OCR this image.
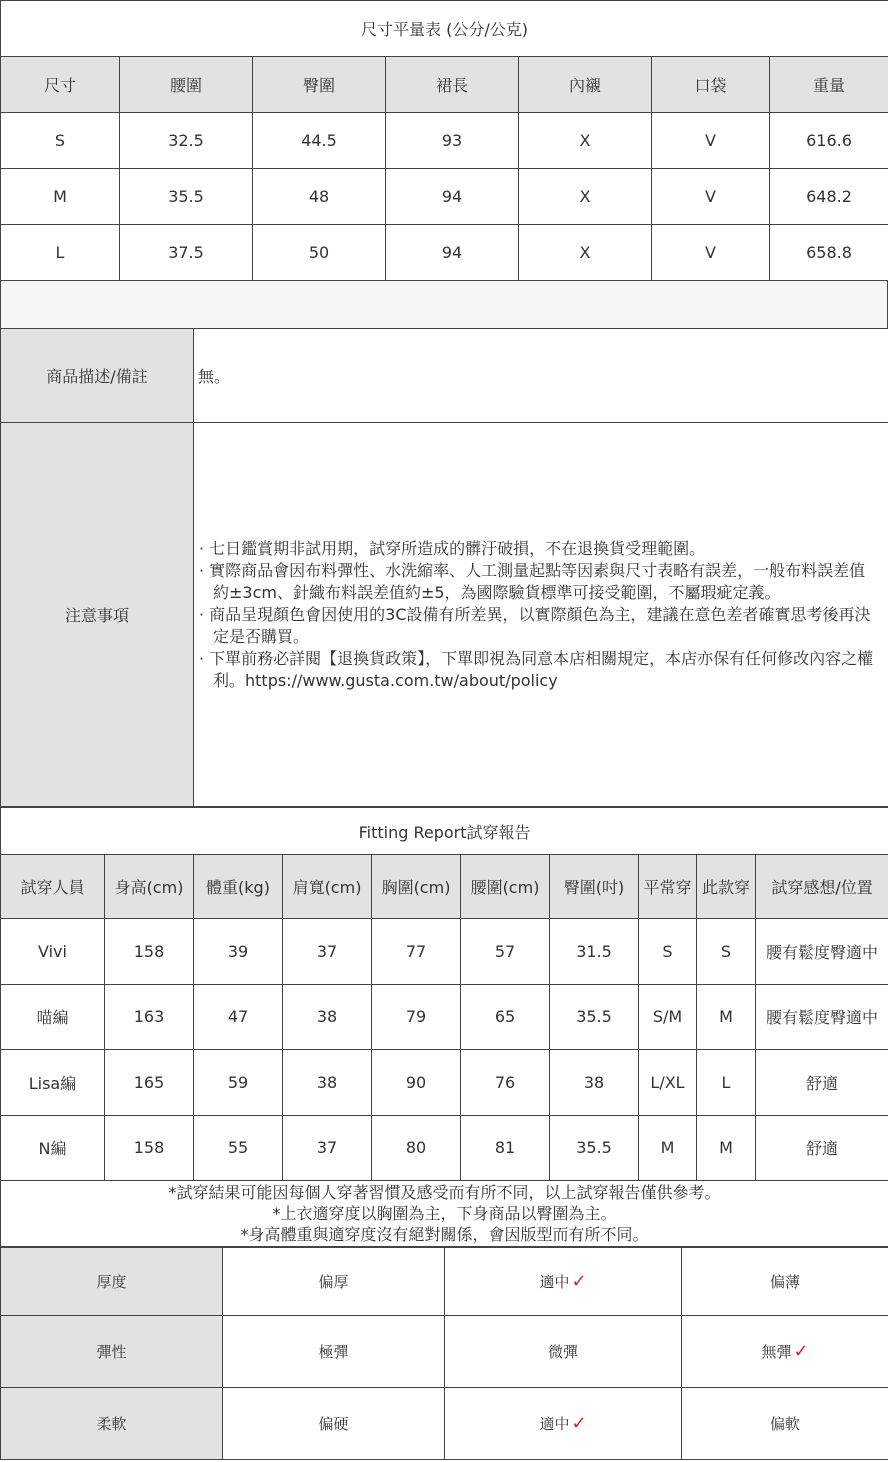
尺寸平量表 (公分/公克)						
尺寸	腰圍	臀圍	裙長	內襯	口袋	重量
S	32.5	44.5	93	X	V	616.6
M	35.5	48	94	X	V	648.2
L	37.5	50	94	X	V	658.8
商品描述/備註	無。
注意事項	· 七日鑑賞期非試用期，試穿所造成的髒汙破損，不在退換貨受理範圍。
· 實際商品會因布料彈性、水洗縮率、人工測量起點等因素與尺寸表略有誤差，一般布料誤差值約±3cm、針織布料誤差值約±5，為國際驗貨標準可接受範圍，不屬瑕疵定義。
· 商品呈現顏色會因使用的3C設備有所差異，以實際顏色為主，建議在意色差者確實思考後再決定是否購買。
· 下單前務必詳閱【退換貨政策】，下單即視為同意本店相關規定，本店亦保有任何修改內容之權利。https://www.gusta.com.tw/about/policy
Fitting Report試穿報告									
試穿人員	身高(cm)	體重(kg)	肩寬(cm)	胸圍(cm)	腰圍(cm)	臀圍(吋)	平常穿	此款穿	試穿感想/位置
Vivi	158	39	37	77	57	31.5	S	S	腰有鬆度臀適中
喵編	163	47	38	79	65	35.5	S/M	M	腰有鬆度臀適中
Lisa編	165	59	38	90	76	38	L/XL	L	舒適
N編	158	55	37	80	81	35.5	M	M	舒適

*試穿結果可能因每個人穿著習慣及感受而有所不同，以上試穿報告僅供參考。
*上衣適穿度以胸圍為主，下身商品以臀圍為主。
*身高體重與適穿度沒有絕對關係，會因版型而有所不同。									
厚度	偏厚	適中 ✓	偏薄
彈性	極彈	微彈	無彈 ✓
柔軟	偏硬	適中 ✓	偏軟
